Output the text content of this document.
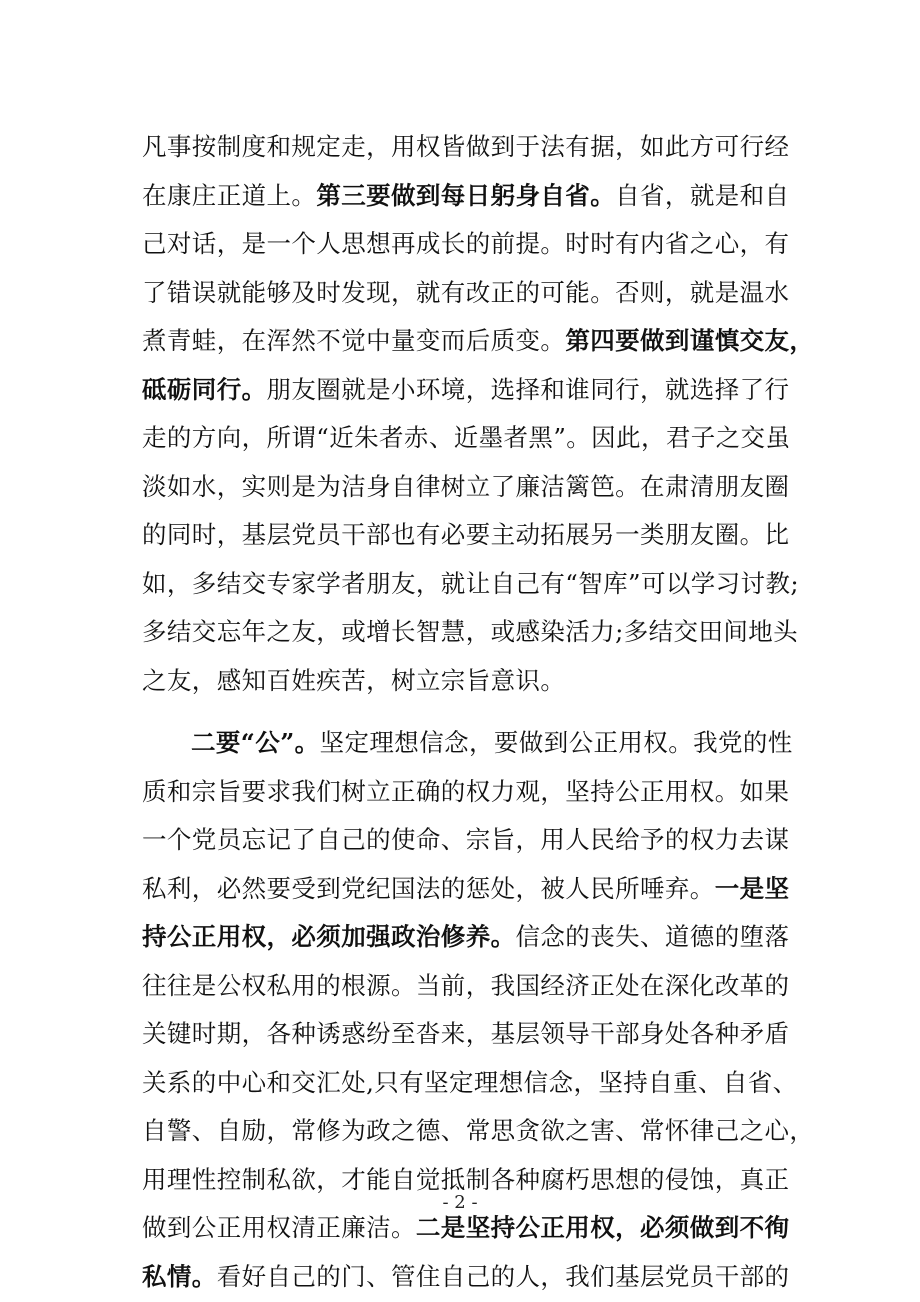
凡事按制度和规定走，用权皆做到于法有据，如此方可行经
在康庄正道上。第三要做到每日躬身自省。自省，就是和自
己对话，是一个人思想再成长的前提。时时有内省之心，有
了错误就能够及时发现，就有改正的可能。否则，就是温水
煮青蛙，在浑然不觉中量变而后质变。第四要做到谨慎交友，
砥砺同行。朋友圈就是小环境，选择和谁同行，就选择了行
走的方向，所谓“近朱者赤、近墨者黑”。因此，君子之交虽
淡如水，实则是为洁身自律树立了廉洁篱笆。在肃清朋友圈
的同时，基层党员干部也有必要主动拓展另一类朋友圈。比
如，多结交专家学者朋友，就让自己有“智库”可以学习讨教;
多结交忘年之友，或增长智慧，或感染活力;多结交田间地头
之友，感知百姓疾苦，树立宗旨意识。
二要“公”。坚定理想信念，要做到公正用权。我党的性
质和宗旨要求我们树立正确的权力观，坚持公正用权。如果
一个党员忘记了自己的使命、宗旨，用人民给予的权力去谋
私利，必然要受到党纪国法的惩处，被人民所唾弃。一是坚
持公正用权，必须加强政治修养。信念的丧失、道德的堕落
往往是公权私用的根源。当前，我国经济正处在深化改革的
关键时期，各种诱惑纷至沓来，基层领导干部身处各种矛盾
关系的中心和交汇处,只有坚定理想信念，坚持自重、自省、
自警、自励，常修为政之德、常思贪欲之害、常怀律己之心，
用理性控制私欲，才能自觉抵制各种腐朽思想的侵蚀，真正
做到公正用权清正廉洁。二是坚持公正用权，必须做到不徇
私情。看好自己的门、管住自己的人，我们基层党员干部的
- 2 -
